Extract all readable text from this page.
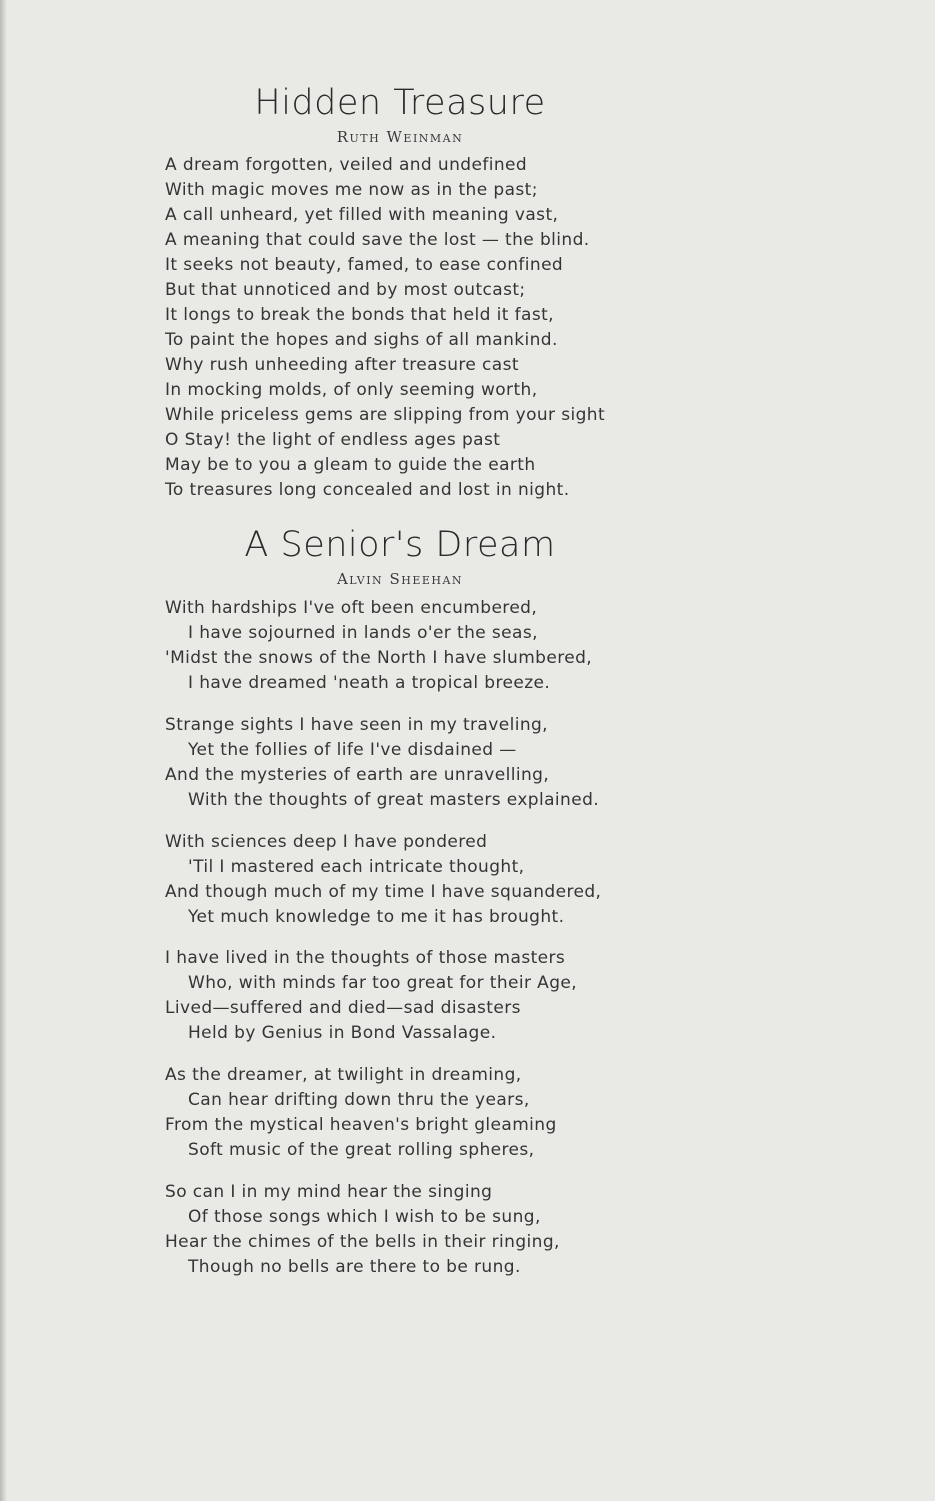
Hidden Treasure
Ruth Weinman
A dream forgotten, veiled and undefined
With magic moves me now as in the past;
A call unheard, yet filled with meaning vast,
A meaning that could save the lost — the blind.
It seeks not beauty, famed, to ease confined
But that unnoticed and by most outcast;
It longs to break the bonds that held it fast,
To paint the hopes and sighs of all mankind.
Why rush unheeding after treasure cast
In mocking molds, of only seeming worth,
While priceless gems are slipping from your sight
O Stay! the light of endless ages past
May be to you a gleam to guide the earth
To treasures long concealed and lost in night.
A Senior's Dream
Alvin Sheehan
With hardships I've oft been encumbered,
I have sojourned in lands o'er the seas,
'Midst the snows of the North I have slumbered,
I have dreamed 'neath a tropical breeze.
Strange sights I have seen in my traveling,
Yet the follies of life I've disdained —
And the mysteries of earth are unravelling,
With the thoughts of great masters explained.
With sciences deep I have pondered
'Til I mastered each intricate thought,
And though much of my time I have squandered,
Yet much knowledge to me it has brought.
I have lived in the thoughts of those masters
Who, with minds far too great for their Age,
Lived—suffered and died—sad disasters
Held by Genius in Bond Vassalage.
As the dreamer, at twilight in dreaming,
Can hear drifting down thru the years,
From the mystical heaven's bright gleaming
Soft music of the great rolling spheres,
So can I in my mind hear the singing
Of those songs which I wish to be sung,
Hear the chimes of the bells in their ringing,
Though no bells are there to be rung.
